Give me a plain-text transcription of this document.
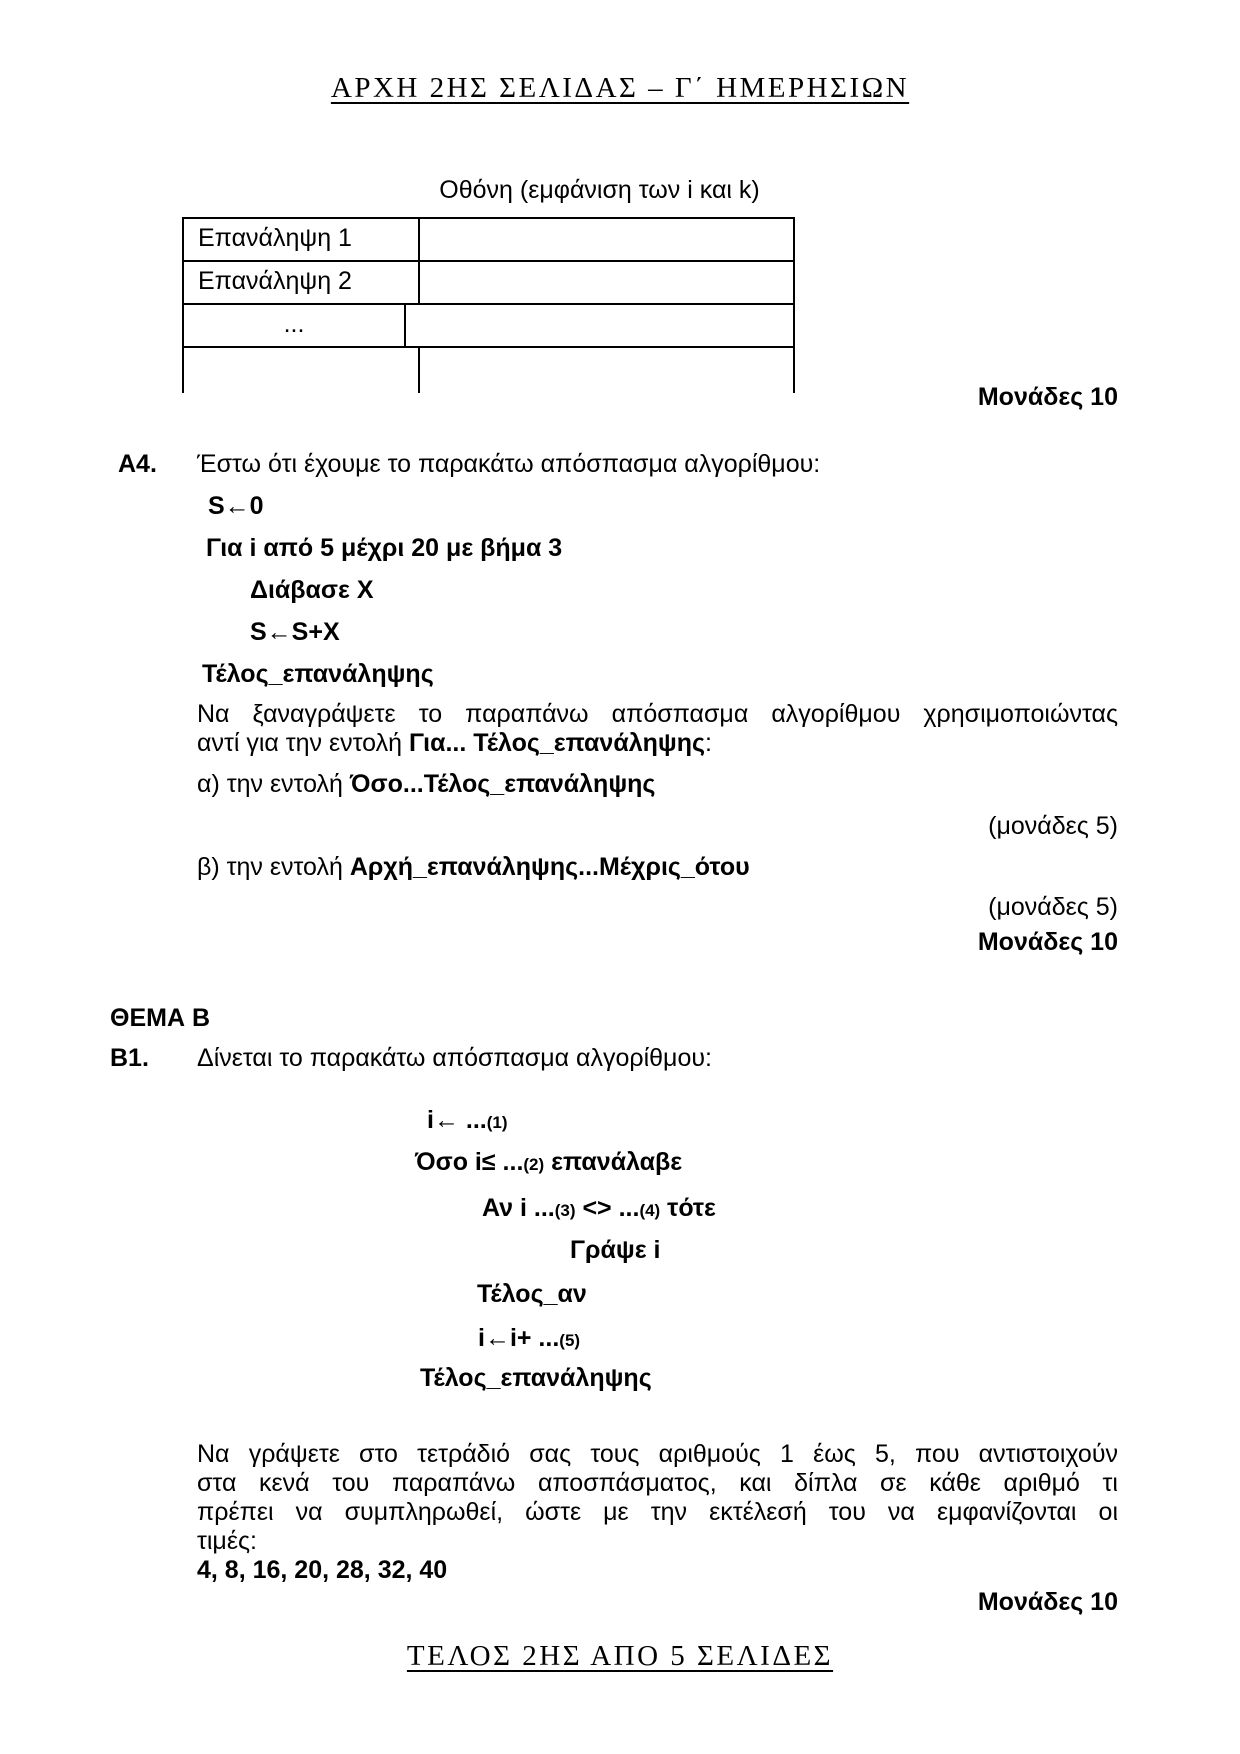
ΑΡΧΗ 2ΗΣ ΣΕΛΙΔΑΣ – Γ΄ ΗΜΕΡΗΣΙΩΝ
Οθόνη (εμφάνιση των i και k)
Επανάληψη 1
Επανάληψη 2
...
Μονάδες 10
Α4. Έστω ότι έχουμε το παρακάτω απόσπασμα αλγορίθμου:
S←0
Για i από 5 μέχρι 20 με βήμα 3
Διάβασε Χ
S←S+X
Τέλος_επανάληψης
Να ξαναγράψετε το παραπάνω απόσπασμα αλγορίθμου χρησιμοποιώντας
αντί για την εντολή Για... Τέλος_επανάληψης:
α) την εντολή Όσο...Τέλος_επανάληψης
(μονάδες 5)
β) την εντολή Αρχή_επανάληψης...Μέχρις_ότου
(μονάδες 5)
Μονάδες 10
ΘΕΜΑ Β
Β1. Δίνεται το παρακάτω απόσπασμα αλγορίθμου:
i← ...(1)
Όσο i≤ ...(2) επανάλαβε
Αν i ...(3) <> ...(4) τότε
Γράψε i
Τέλος_αν
i←i+ ...(5)
Τέλος_επανάληψης
Να γράψετε στο τετράδιό σας τους αριθμούς 1 έως 5, που αντιστοιχούν
στα κενά του παραπάνω αποσπάσματος, και δίπλα σε κάθε αριθμό τι
πρέπει να συμπληρωθεί, ώστε με την εκτέλεσή του να εμφανίζονται οι
τιμές:
4, 8, 16, 20, 28, 32, 40
Μονάδες 10
ΤΕΛΟΣ 2ΗΣ ΑΠΟ 5 ΣΕΛΙΔΕΣ
